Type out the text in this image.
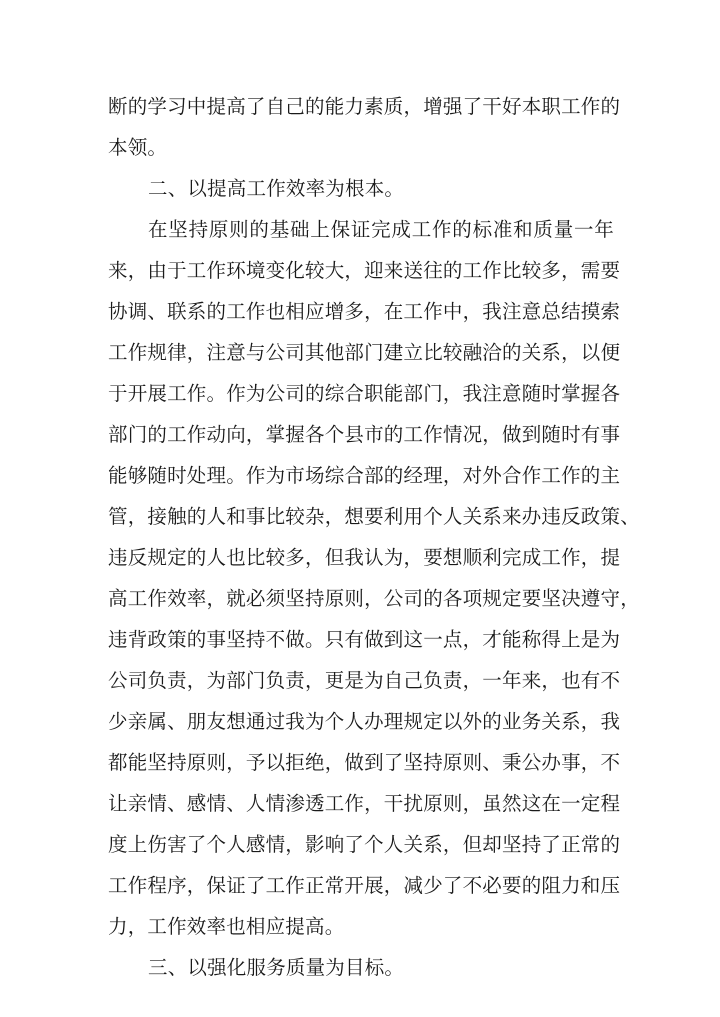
断的学习中提高了自己的能力素质，增强了干好本职工作的
本领。
二、以提高工作效率为根本。
在坚持原则的基础上保证完成工作的标准和质量一年
来，由于工作环境变化较大，迎来送往的工作比较多，需要
协调、联系的工作也相应增多，在工作中，我注意总结摸索
工作规律，注意与公司其他部门建立比较融洽的关系，以便
于开展工作。作为公司的综合职能部门，我注意随时掌握各
部门的工作动向，掌握各个县市的工作情况，做到随时有事
能够随时处理。作为市场综合部的经理，对外合作工作的主
管，接触的人和事比较杂，想要利用个人关系来办违反政策、
违反规定的人也比较多，但我认为，要想顺利完成工作，提
高工作效率，就必须坚持原则，公司的各项规定要坚决遵守，
违背政策的事坚持不做。只有做到这一点，才能称得上是为
公司负责，为部门负责，更是为自己负责，一年来，也有不
少亲属、朋友想通过我为个人办理规定以外的业务关系，我
都能坚持原则，予以拒绝，做到了坚持原则、秉公办事，不
让亲情、感情、人情渗透工作，干扰原则，虽然这在一定程
度上伤害了个人感情，影响了个人关系，但却坚持了正常的
工作程序，保证了工作正常开展，减少了不必要的阻力和压
力，工作效率也相应提高。
三、以强化服务质量为目标。
